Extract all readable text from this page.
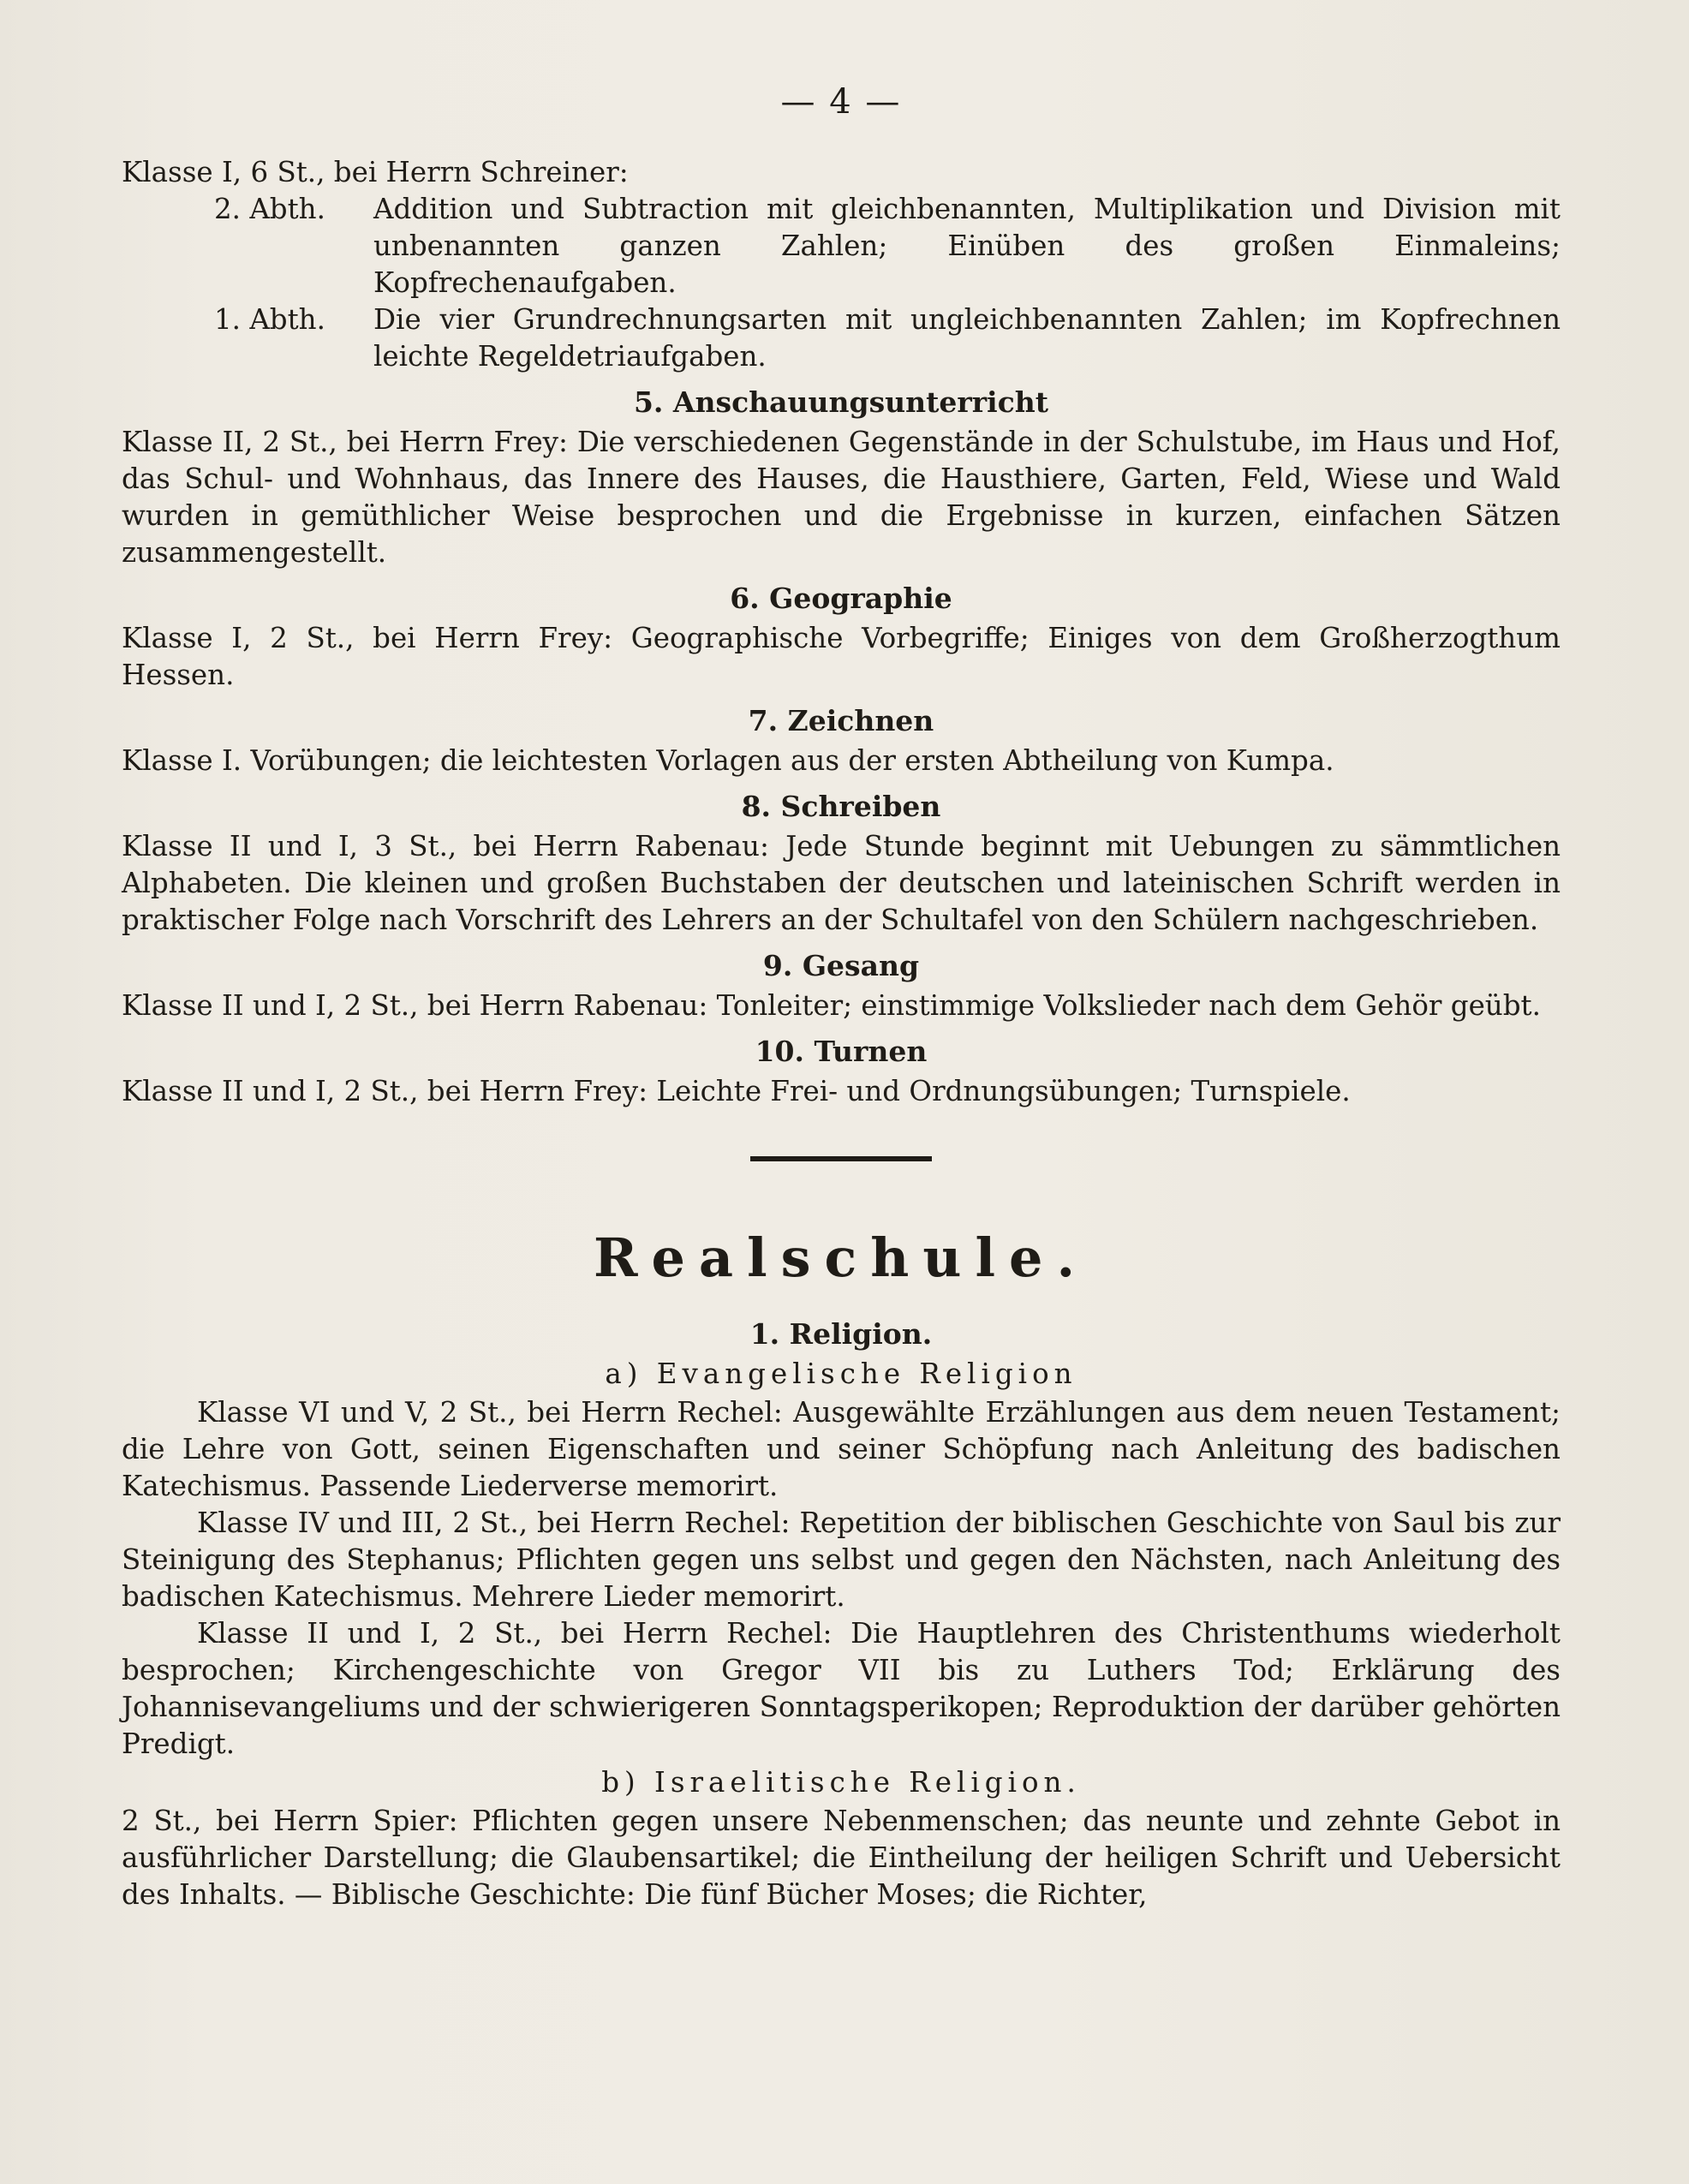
— 4 —

Klasse I, 6 St., bei Herrn Schreiner:

2. Abth.	Addition und Subtraction mit gleichbenannten, Multiplikation und Division mit unbenannten ganzen Zahlen; Einüben des großen Einmaleins; Kopfrechenaufgaben.
1. Abth.	Die vier Grundrechnungsarten mit ungleichbenannten Zahlen; im Kopfrechnen leichte Regeldetriaufgaben.
5. Anschauungsunterricht

Klasse II, 2 St., bei Herrn Frey: Die verschiedenen Gegenstände in der Schulstube, im Haus und Hof, das Schul- und Wohnhaus, das Innere des Hauses, die Hausthiere, Garten, Feld, Wiese und Wald wurden in gemüthlicher Weise besprochen und die Ergebnisse in kurzen, einfachen Sätzen zusammengestellt.

6. Geographie

Klasse I, 2 St., bei Herrn Frey: Geographische Vorbegriffe; Einiges von dem Großherzogthum Hessen.

7. Zeichnen

Klasse I. Vorübungen; die leichtesten Vorlagen aus der ersten Abtheilung von Kumpa.

8. Schreiben

Klasse II und I, 3 St., bei Herrn Rabenau: Jede Stunde beginnt mit Uebungen zu sämmtlichen Alphabeten. Die kleinen und großen Buchstaben der deutschen und lateinischen Schrift werden in praktischer Folge nach Vorschrift des Lehrers an der Schultafel von den Schülern nachgeschrieben.

9. Gesang

Klasse II und I, 2 St., bei Herrn Rabenau: Tonleiter; einstimmige Volkslieder nach dem Gehör geübt.

10. Turnen

Klasse II und I, 2 St., bei Herrn Frey: Leichte Frei- und Ordnungsübungen; Turnspiele.

Realschule.
1. Religion.
a) Evangelische Religion

Klasse VI und V, 2 St., bei Herrn Rechel: Ausgewählte Erzählungen aus dem neuen Testament; die Lehre von Gott, seinen Eigenschaften und seiner Schöpfung nach Anleitung des badischen Katechismus. Passende Liederverse memorirt.

Klasse IV und III, 2 St., bei Herrn Rechel: Repetition der biblischen Geschichte von Saul bis zur Steinigung des Stephanus; Pflichten gegen uns selbst und gegen den Nächsten, nach Anleitung des badischen Katechismus. Mehrere Lieder memorirt.

Klasse II und I, 2 St., bei Herrn Rechel: Die Hauptlehren des Christenthums wiederholt besprochen; Kirchengeschichte von Gregor VII bis zu Luthers Tod; Erklärung des Johannisevangeliums und der schwierigeren Sonntagsperikopen; Reproduktion der darüber gehörten Predigt.

b) Israelitische Religion.

2 St., bei Herrn Spier: Pflichten gegen unsere Nebenmenschen; das neunte und zehnte Gebot in ausführlicher Darstellung; die Glaubensartikel; die Eintheilung der heiligen Schrift und Uebersicht des Inhalts. — Biblische Geschichte: Die fünf Bücher Moses; die Richter,
